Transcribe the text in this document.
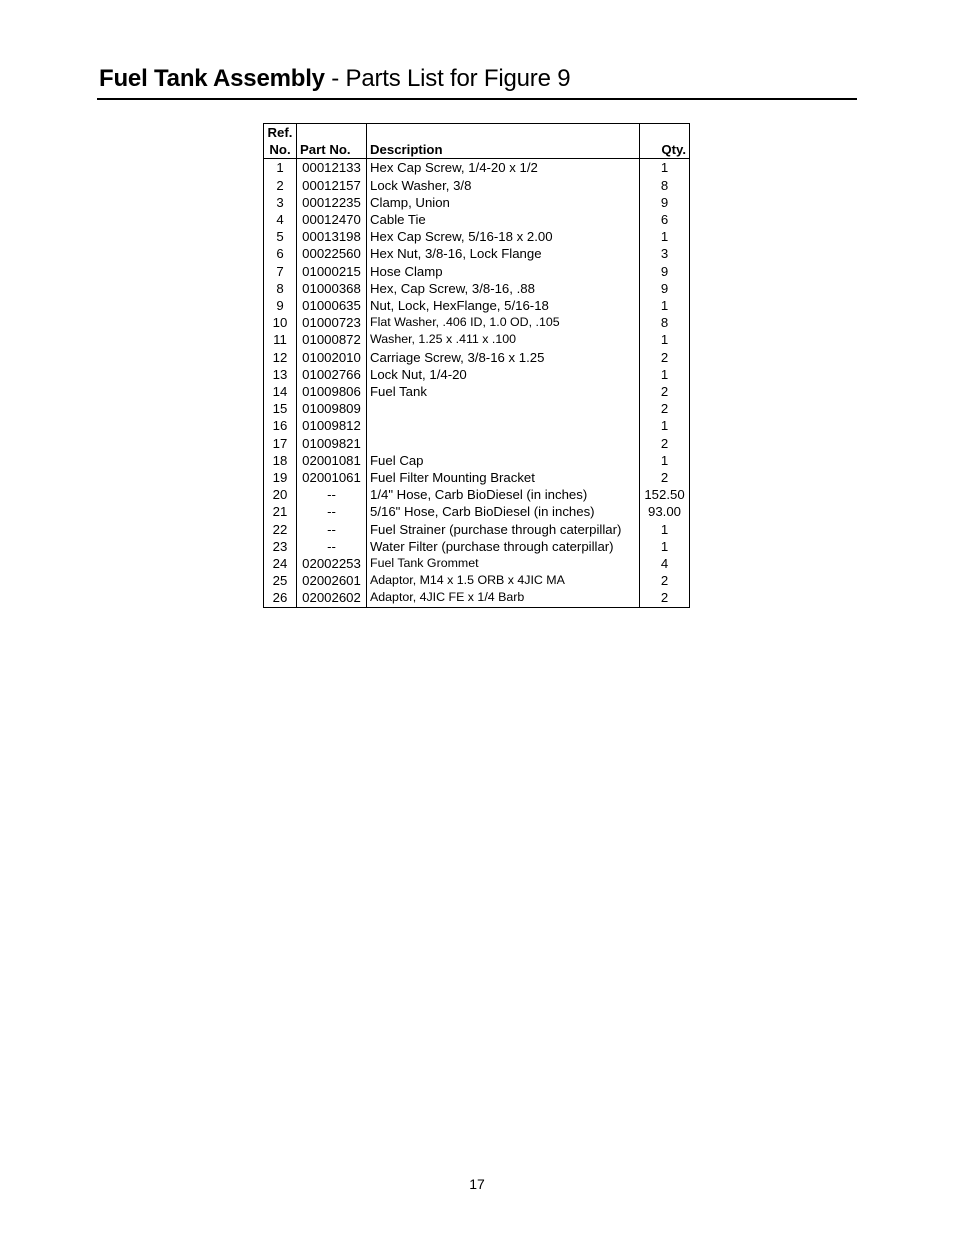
Fuel Tank Assembly - Parts List for Figure 9
Ref.
No.	Part No.	Description	Qty.
1	00012133	Hex Cap Screw, 1/4-20 x 1/2	1
2	00012157	Lock Washer, 3/8	8
3	00012235	Clamp, Union	9
4	00012470	Cable Tie	6
5	00013198	Hex Cap Screw, 5/16-18 x 2.00	1
6	00022560	Hex Nut, 3/8-16, Lock Flange	3
7	01000215	Hose Clamp	9
8	01000368	Hex, Cap Screw, 3/8-16, .88	9
9	01000635	Nut, Lock, HexFlange, 5/16-18	1
10	01000723	Flat Washer, .406 ID, 1.0 OD, .105	8
11	01000872	Washer, 1.25 x .411 x .100	1
12	01002010	Carriage Screw, 3/8-16 x 1.25	2
13	01002766	Lock Nut, 1/4-20	1
14	01009806	Fuel Tank	2
15	01009809		2
16	01009812		1
17	01009821		2
18	02001081	Fuel Cap	1
19	02001061	Fuel Filter Mounting Bracket	2
20	--	1/4" Hose, Carb BioDiesel (in inches)	152.50
21	--	5/16" Hose, Carb BioDiesel (in inches)	93.00
22	--	Fuel Strainer (purchase through caterpillar)	1
23	--	Water Filter (purchase through caterpillar)	1
24	02002253	Fuel Tank Grommet	4
25	02002601	Adaptor, M14 x 1.5 ORB x 4JIC MA	2
26	02002602	Adaptor, 4JIC FE x 1/4 Barb	2
17
